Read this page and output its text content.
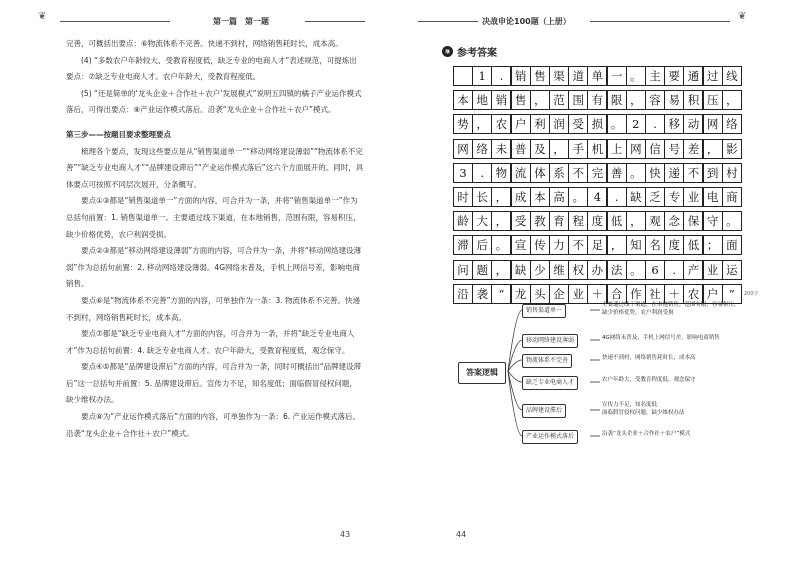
❦	第一篇　 第一题	决战申论100题（上册）	❦

完善，可概括出要点：⑥物流体系不完善。快递不到村，网络销售耗时长，成本高。

(4) “多数农户年龄较大、受教育程度低，缺乏专业的电商人才”表述规范，可提炼出要点：⑦缺乏专业电商人才。农户年龄大，受教育程度低。

(5) “还是简单的‘龙头企业＋合作社＋农户’发展模式”说明五四镇的橘子产业运作模式落后，可得出要点：⑧产业运作模式落后。沿袭“龙头企业＋合作社＋农户”模式。

第三步——按题目要求整理要点

梳理各个要点，发现这些要点是从“销售渠道单一”“移动网络建设薄弱”“物流体系不完善”“缺乏专业电商人才”“品牌建设滞后”“产业运作模式落后”这六个方面展开的。同时，具体要点可按照不同层次展开，分条概写。

要点①③都是“销售渠道单一”方面的内容，可合并为一条，并将“销售渠道单一”作为总括句前置：1. 销售渠道单一。主要通过线下渠道，在本地销售，范围有限，容易积压，缺少价格优势，农户利润受损。

要点②③都是“移动网络建设薄弱”方面的内容，可合并为一条，并将“移动网络建设薄弱”作为总括句前置：2. 移动网络建设薄弱。4G网络未普及，手机上网信号差，影响电商销售。

要点⑥是“物流体系不完善”方面的内容，可单独作为一条：3. 物流体系不完善。快递不到村，网络销售耗时长，成本高。

要点⑦都是“缺乏专业电商人才”方面的内容，可合并为一条，并将“缺乏专业电商人才”作为总括句前置：4. 缺乏专业电商人才。农户年龄大，受教育程度低，观念保守。

要点④⑤都是“品牌建设滞后”方面的内容，可合并为一条，同时可概括出“品牌建设滞后”这一总括句并前置：5. 品牌建设滞后。宣传力不足，知名度低；面临假冒侵权问题，缺少维权办法。

要点⑧为“产业运作模式落后”方面的内容，可单独作为一条：6. 产业运作模式落后。沿袭“龙头企业＋合作社＋农户”模式。

43
⑨ 参考答案

1	.	销 售 渠 道 单 一 。 主 要 通 过 线
本 地 销 售 ， 范 围 有 限 ， 容 易 积 压 ，
势 ， 农 户 利 润 受 损 。 2	.	移 动 网 络
网 络 未 普 及 ， 手 机 上 网 信 号 差 ， 影
3	.	物 流 体 系 不 完 善 。 快 递 不 到 村
时 长 ， 成 本 高 。 4	.	缺 乏 专 业 电 商
龄 大 ， 受 教 育 程 度 低 ， 观 念 保 守 。
滞 后 。 宣 传 力 不 足 ， 知 名 度 低 ； 面
问 题 ， 缺 少 维 权 办 法 。 6	.	产 业 运
沿 袭 “ 龙 头 企 业 ＋ 合 作 社 ＋ 农 户 ”	200字
答案逻辑
销售渠道单一
主要通过线下渠道，在本地销售，范围有限，容易积压，
缺少价格优势，农户利润受损
移动网络建设薄弱	4G网络未普及，手机上网信号差，影响电商销售
物流体系不完善	快递不到村，网络销售耗时长，成本高
缺乏专业电商人才	农户年龄大，受教育程度低，观念保守
品牌建设滞后
宣传力不足，知名度低
面临假冒侵权问题，缺少维权办法
产业运作模式落后	沿袭“龙头企业＋合作社＋农户”模式
44
